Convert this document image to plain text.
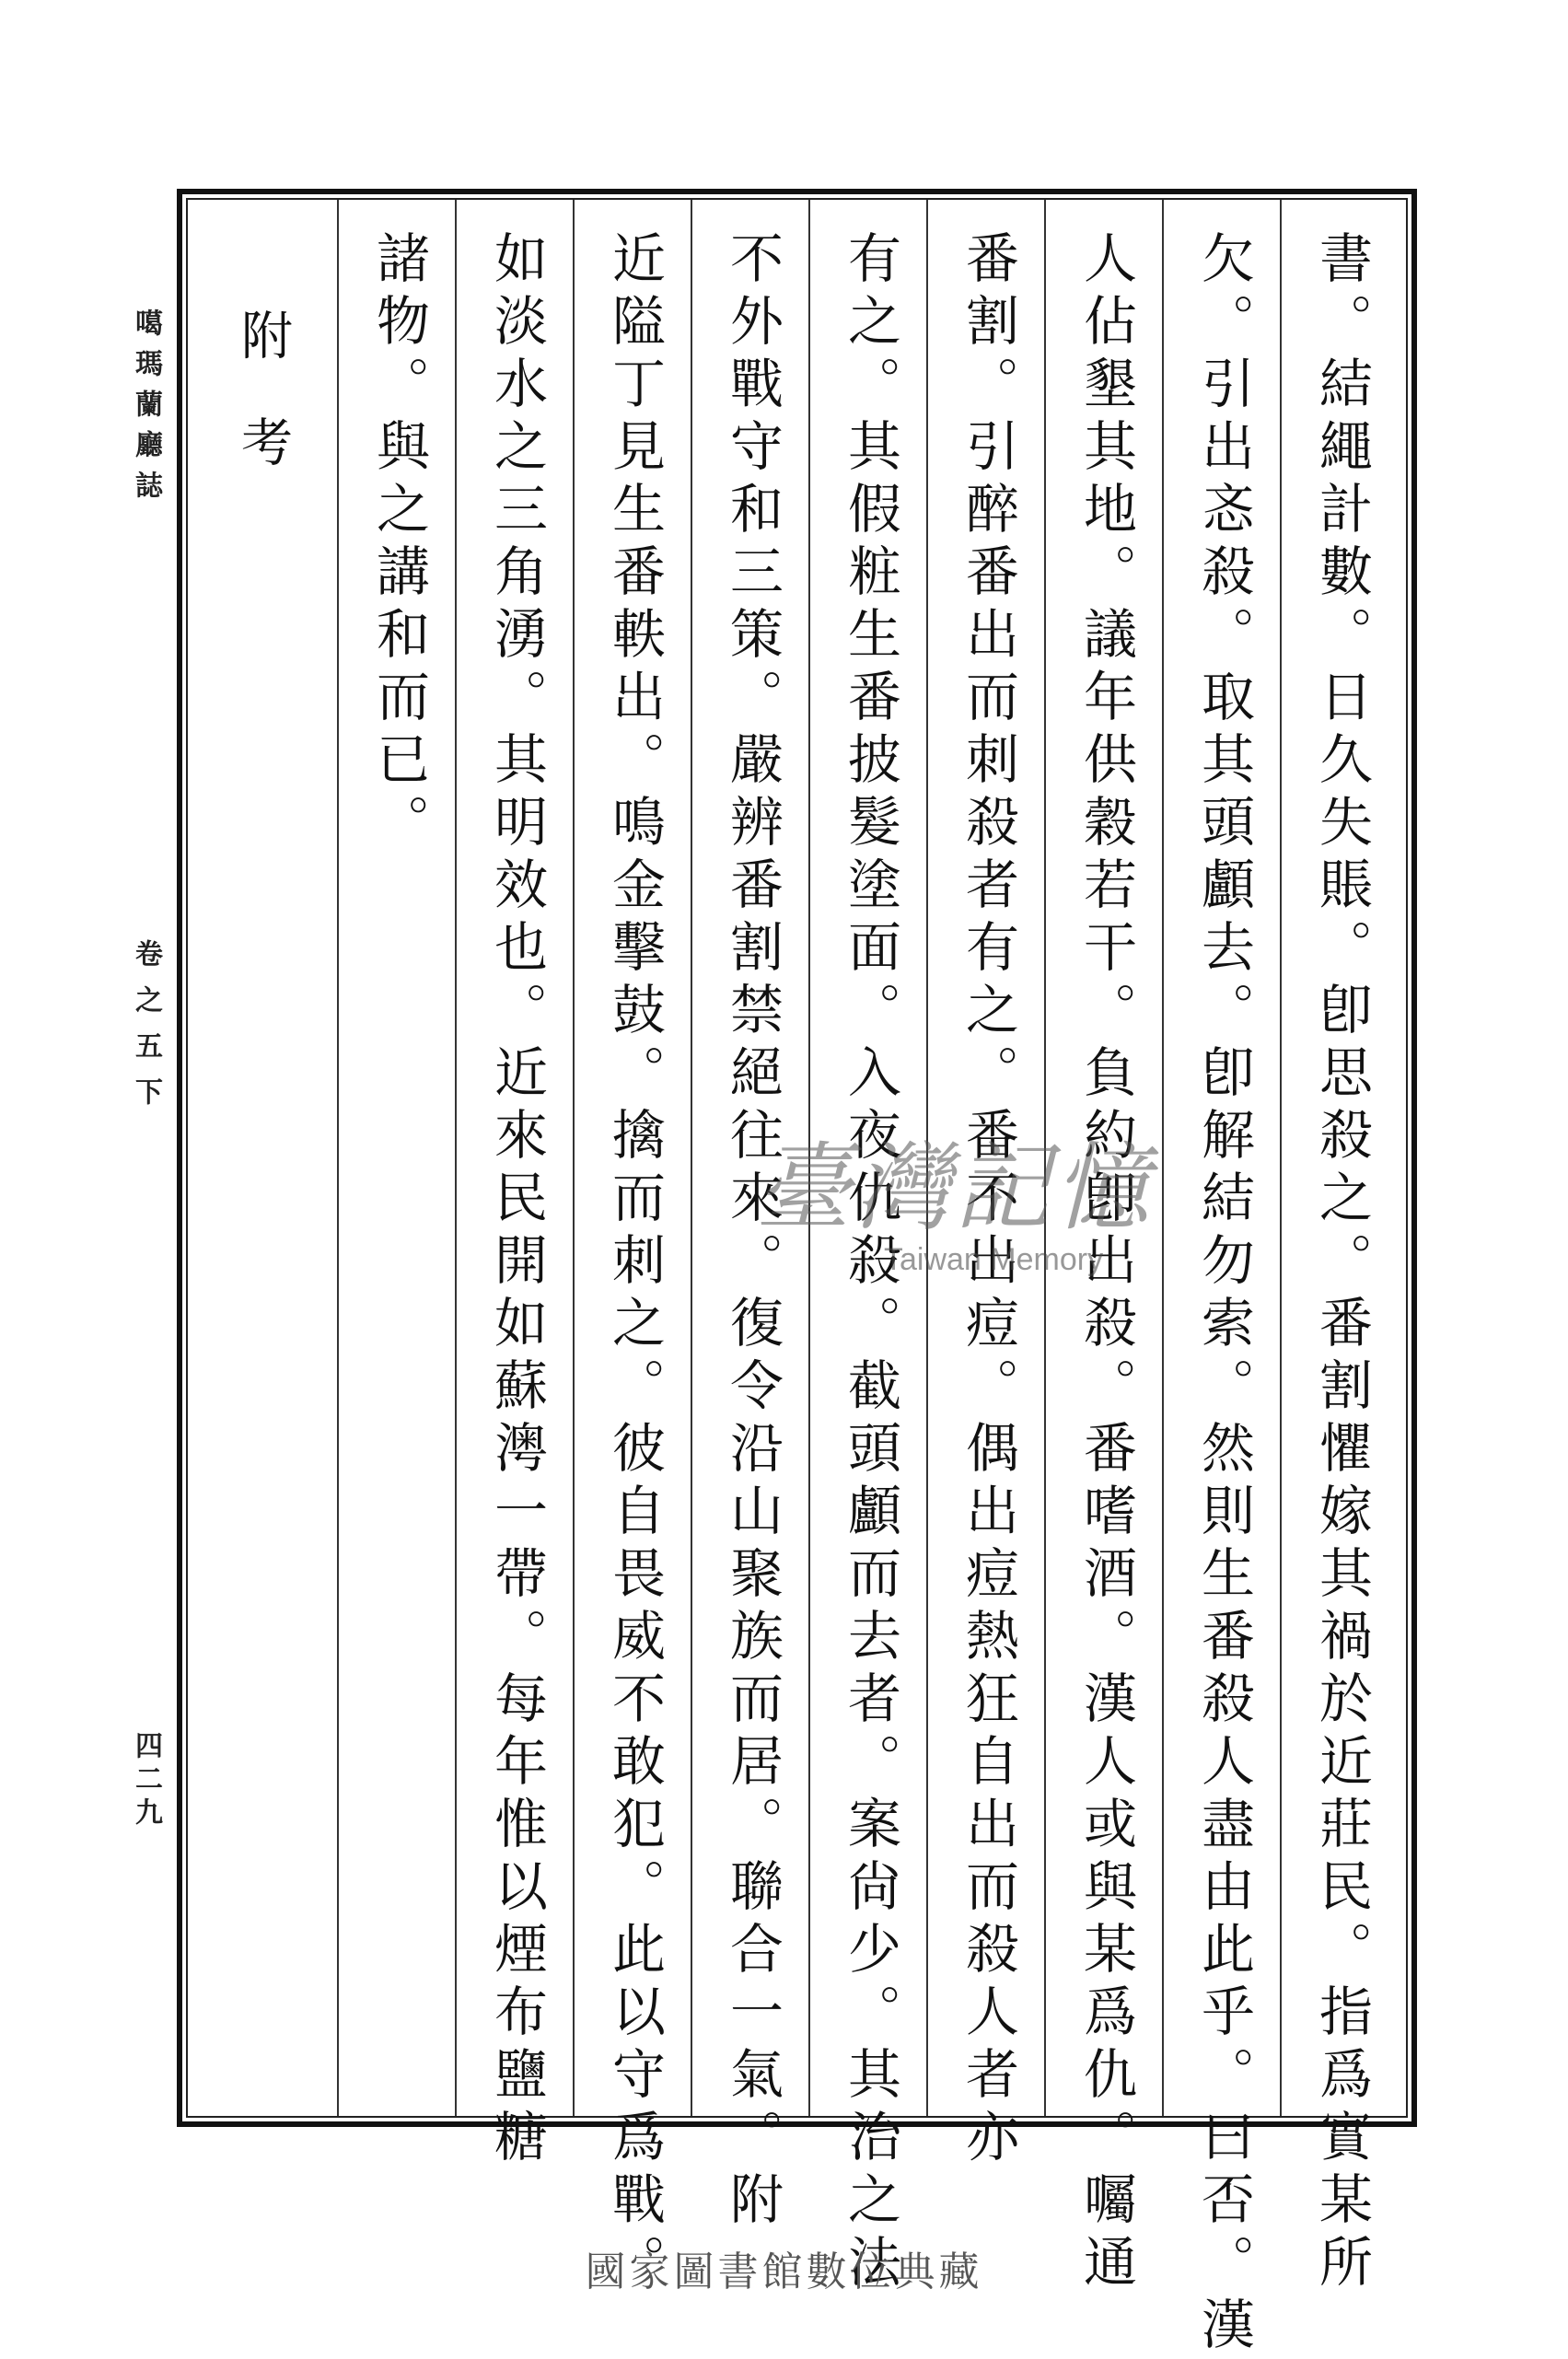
噶瑪蘭廳誌
卷之五下
四二九	書。結繩計數。日久失賬。卽思殺之。番割懼嫁其禍於近莊民。指爲實某所
欠。引出忞殺。取其頭顱去。卽解結勿索。然則生番殺人盡由此乎。曰否。漢
人佔墾其地。議年供穀若干。負約卽出殺。番嗜酒。漢人或與某爲仇。囑通
番割。引醉番出而刺殺者有之。番不出痘。偶出痘熱狂自出而殺人者亦
有之。其假粧生番披髮塗面。入夜仇殺。截頭顱而去者。案尙少。其治之法
不外戰守和三策。嚴辨番割禁絕往來。復令沿山聚族而居。聯合一氣。附
近隘丁見生番軼出。鳴金擊鼓。擒而刺之。彼自畏威不敢犯。此以守爲戰。
如淡水之三角湧。其明效也。近來民開如蘇澚一帶。每年惟以煙布鹽糖
諸物。與之講和而已。
附考
臺灣記憶
Taiwan Memory
國家圖書館數位典藏
